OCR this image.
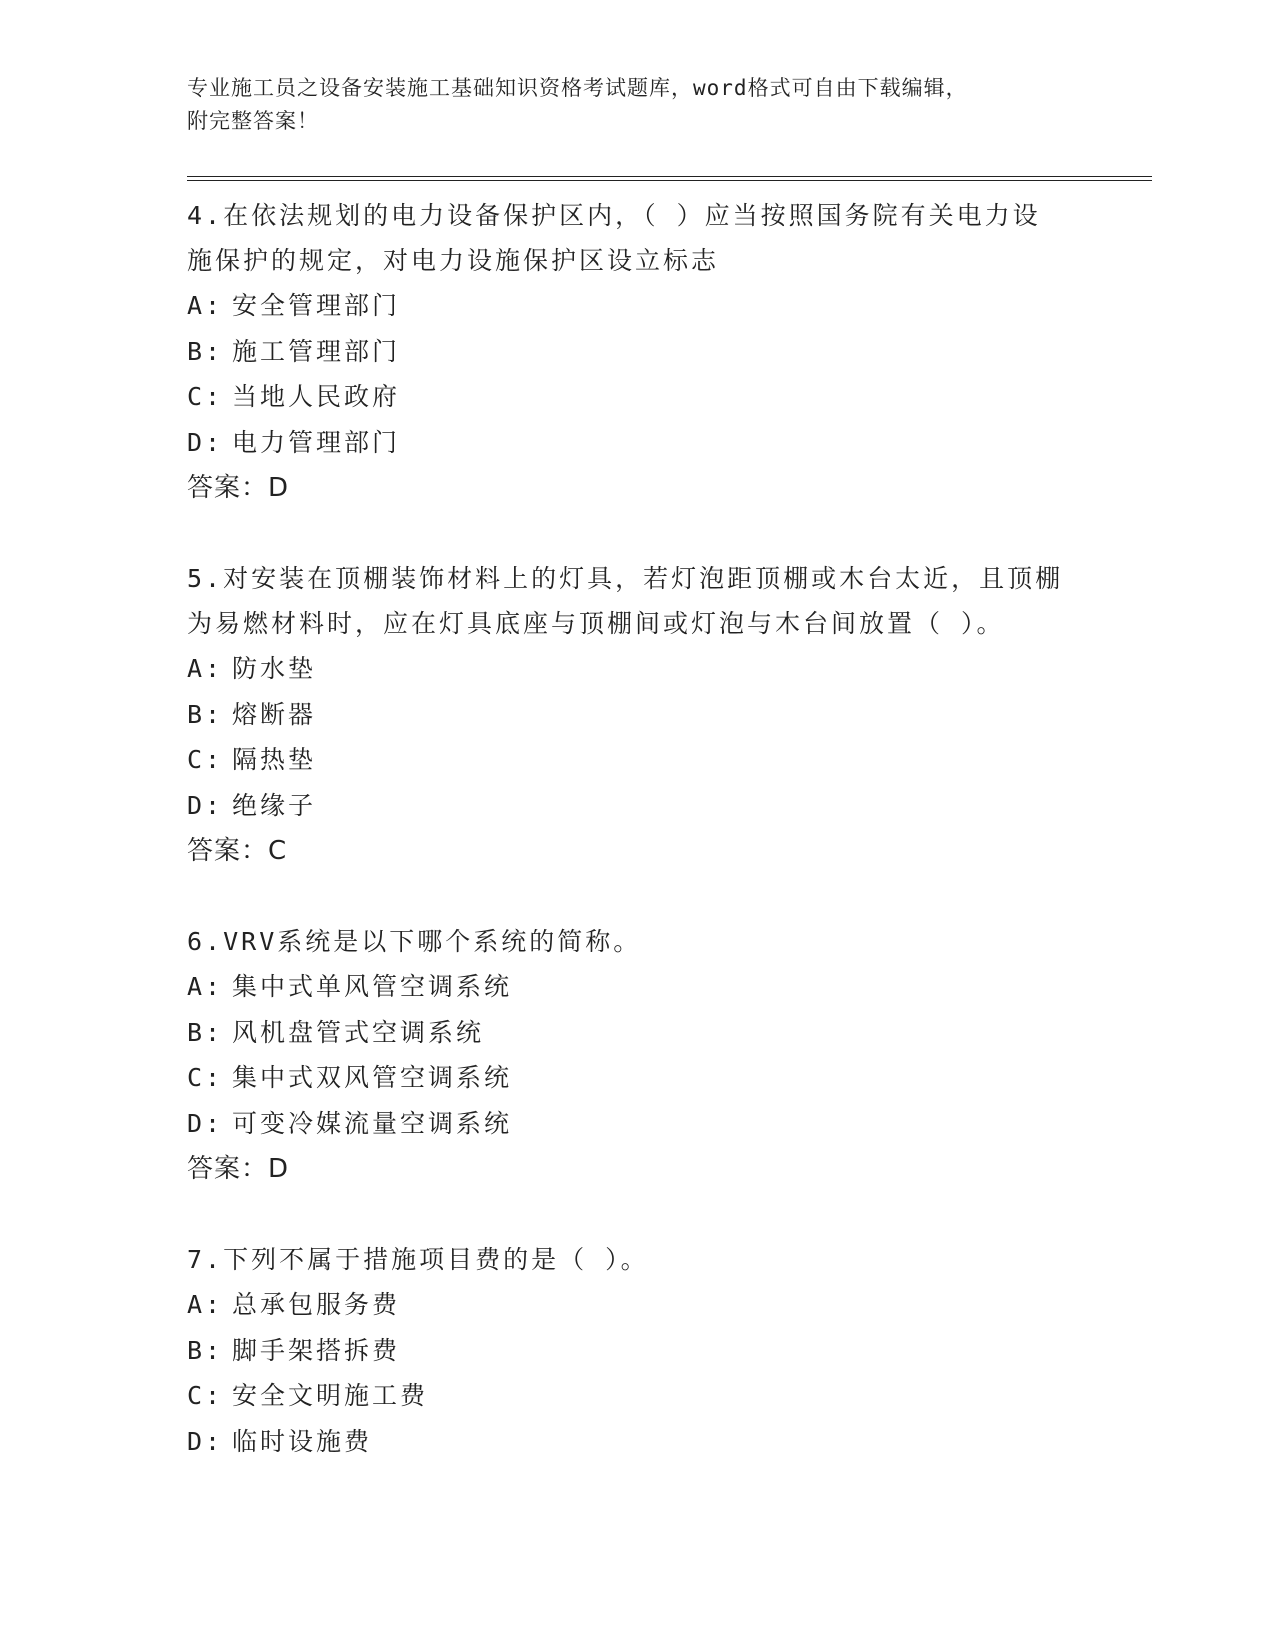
专业施工员之设备安装施工基础知识资格考试题库，word格式可自由下载编辑，
附完整答案！

4.在依法规划的电力设备保护区内，（ ）应当按照国务院有关电力设施保护的规定，对电力设施保护区设立标志

A: 安全管理部门

B: 施工管理部门

C: 当地人民政府

D: 电力管理部门

答案：D

5.对安装在顶棚装饰材料上的灯具，若灯泡距顶棚或木台太近，且顶棚为易燃材料时，应在灯具底座与顶棚间或灯泡与木台间放置（ ）。

A: 防水垫

B: 熔断器

C: 隔热垫

D: 绝缘子

答案：C

6.VRV系统是以下哪个系统的简称。

A: 集中式单风管空调系统

B: 风机盘管式空调系统

C: 集中式双风管空调系统

D: 可变冷媒流量空调系统

答案：D

7.下列不属于措施项目费的是（ ）。

A: 总承包服务费

B: 脚手架搭拆费

C: 安全文明施工费

D: 临时设施费
